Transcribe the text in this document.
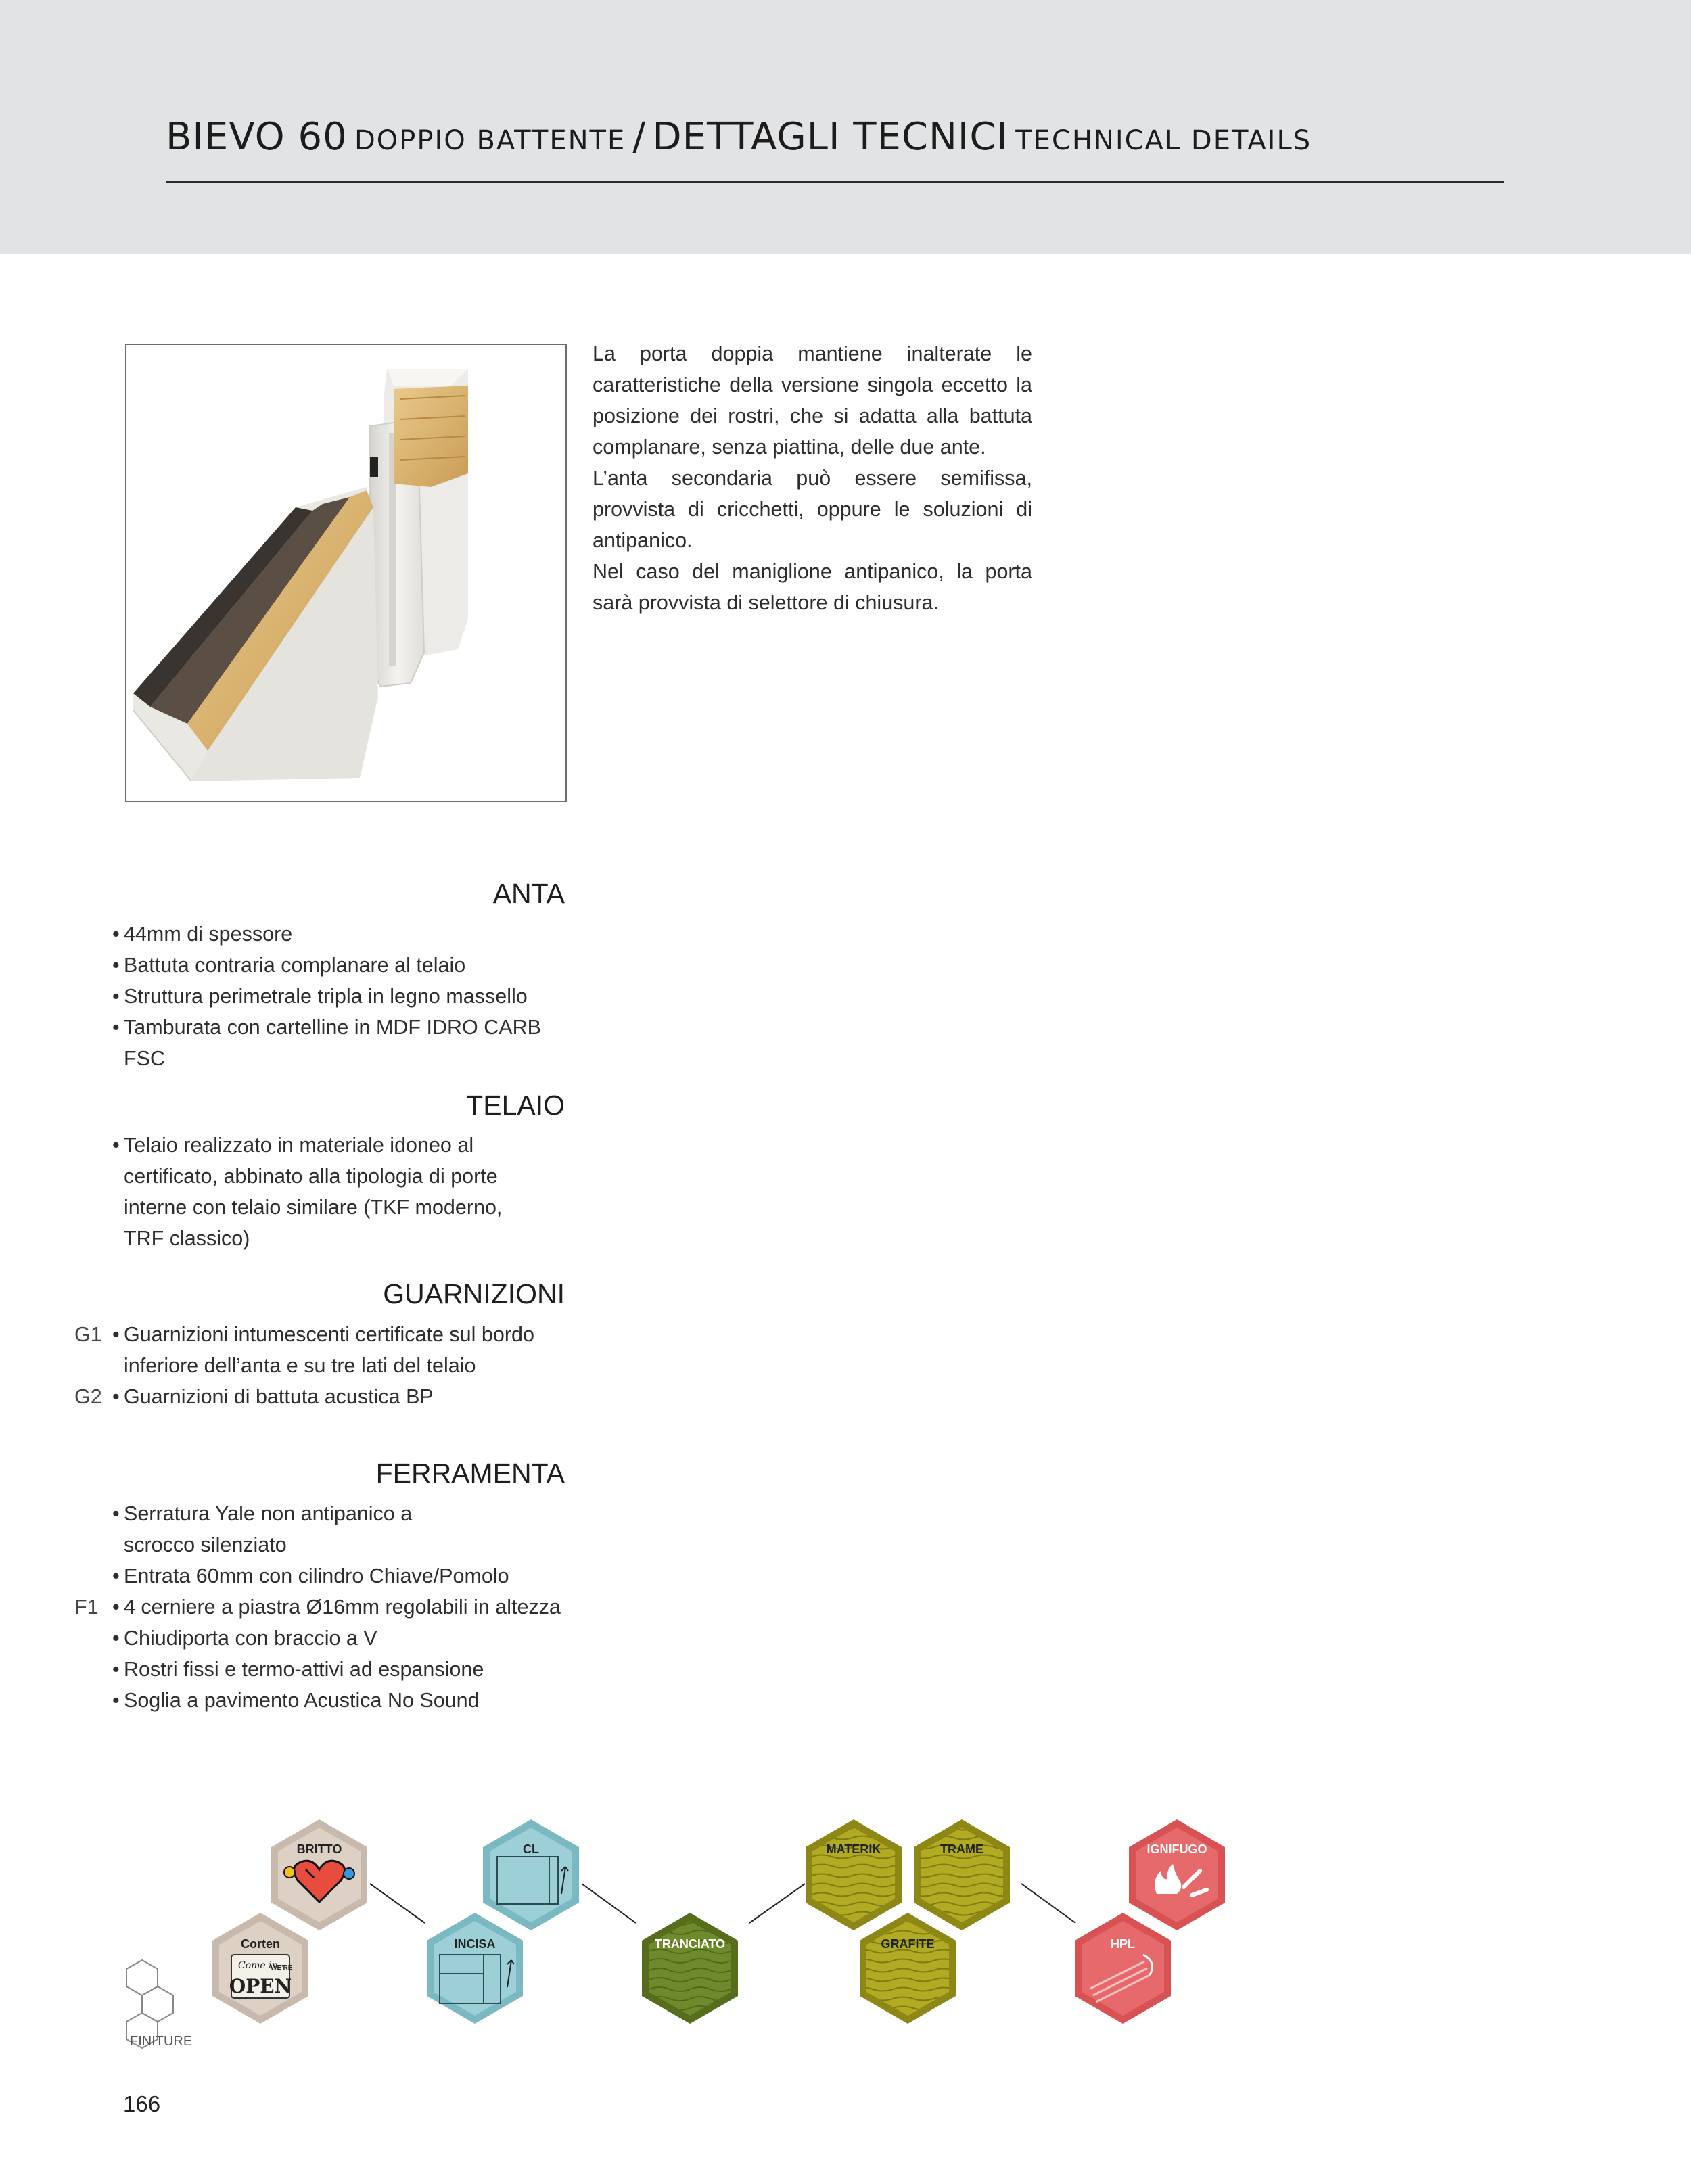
BIEVO 60 DOPPIO BATTENTE / DETTAGLI TECNICI TECHNICAL DETAILS

La porta doppia mantiene inalterate le caratteristiche della versione singola eccetto la posizione dei rostri, che si adatta alla battuta complanare, senza piattina, delle due ante.

L’anta secondaria può essere semifissa, provvista di cricchetti, oppure le soluzioni di antipanico.

Nel caso del maniglione antipanico, la porta sarà provvista di selettore di chiusura.

ANTA
• 44mm di spessore
• Battuta contraria complanare al telaio
• Struttura perimetrale tripla in legno massello
• Tamburata con cartelline in MDF IDRO CARB FSC
TELAIO
• Telaio realizzato in materiale idoneo al certificato, abbinato alla tipologia di porte interne con telaio similare (TKF moderno, TRF classico)
GUARNIZIONI
• G1 Guarnizioni intumescenti certificate sul bordo inferiore dell’anta e su tre lati del telaio
• G2 Guarnizioni di battuta acustica BP
FERRAMENTA
• Serratura Yale non antipanico a scrocco silenziato
• Entrata 60mm con cilindro Chiave/Pomolo
• F1 4 cerniere a piastra Ø16mm regolabili in altezza
• Chiudiporta con braccio a V
• Rostri fissi e termo-attivi ad espansione
• Soglia a pavimento Acustica No Sound
BRITTO
Corten
Come in
WE'RE
OPEN
CL
INCISA	TRANCIATO
MATERIK	TRAME
GRAFITE
IGNIFUGO
HPL
FINITURE
166
